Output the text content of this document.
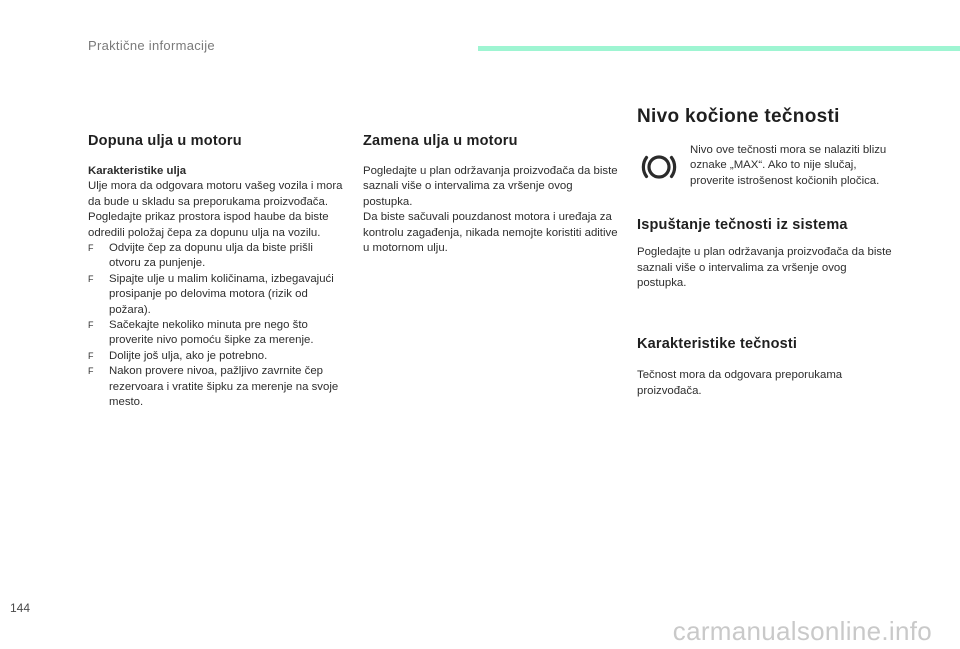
Praktične informacije
Dopuna ulja u motoru
Karakteristike ulja

Ulje mora da odgovara motoru vašeg vozila i mora da bude u skladu sa preporukama proizvođača.

Pogledajte prikaz prostora ispod haube da biste odredili položaj čepa za dopunu ulja na vozilu.

F Odvijte čep za dopunu ulja da biste prišli otvoru za punjenje.
F Sipajte ulje u malim količinama, izbegavajući prosipanje po delovima motora (rizik od požara).
F Sačekajte nekoliko minuta pre nego što proverite nivo pomoću šipke za merenje.
F Dolijte još ulja, ako je potrebno.
F Nakon provere nivoa, pažljivo zavrnite čep rezervoara i vratite šipku za merenje na svoje mesto.
Zamena ulja u motoru

Pogledajte u plan održavanja proizvođača da biste saznali više o intervalima za vršenje ovog postupka.

Da biste sačuvali pouzdanost motora i uređaja za kontrolu zagađenja, nikada nemojte koristiti aditive u motornom ulju.

Nivo kočione tečnosti

Nivo ove tečnosti mora se nalaziti blizu oznake „MAX“. Ako to nije slučaj, proverite istrošenost kočionih pločica.

Ispuštanje tečnosti iz sistema

Pogledajte u plan održavanja proizvođača da biste saznali više o intervalima za vršenje ovog postupka.

Karakteristike tečnosti

Tečnost mora da odgovara preporukama proizvođača.

144
carmanualsonline.info
